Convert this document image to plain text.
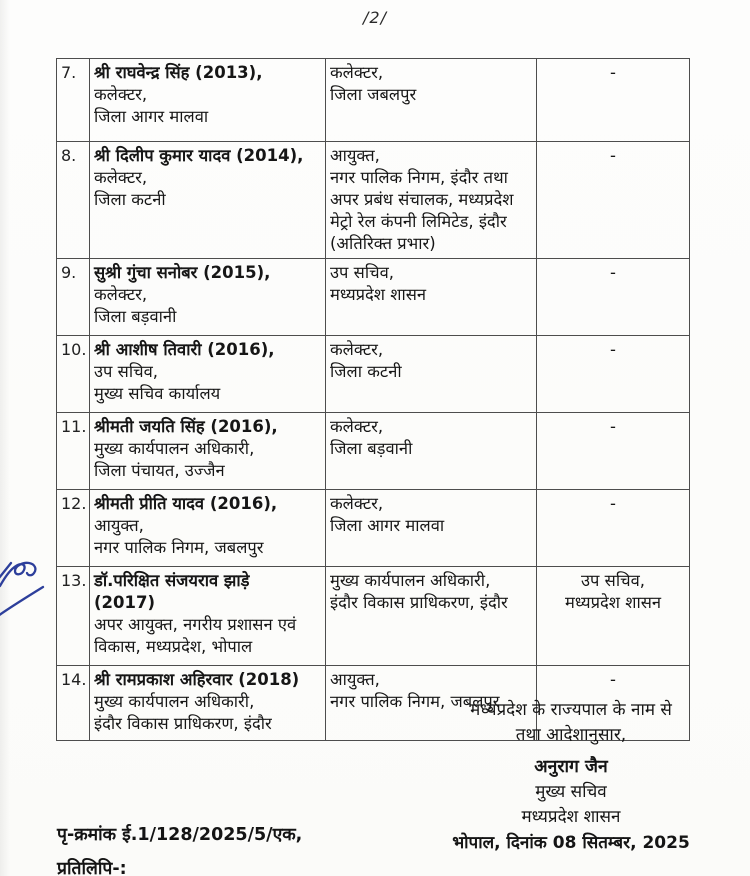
/2/
7.	श्री राघवेन्द्र सिंह (2013),
कलेक्टर,
जिला आगर मालवा

कलेक्टर,
जिला जबलपुर

-

8.	श्री दिलीप कुमार यादव (2014),
कलेक्टर,
जिला कटनी

आयुक्त,
नगर पालिक निगम, इंदौर तथा
अपर प्रबंध संचालक, मध्यप्रदेश
मेट्रो रेल कंपनी लिमिटेड, इंदौर
(अतिरिक्त प्रभार)

-

9.	सुश्री गुंचा सनोबर (2015),
कलेक्टर,
जिला बड़वानी

उप सचिव,
मध्यप्रदेश शासन

-

10.	श्री आशीष तिवारी (2016),
उप सचिव,
मुख्य सचिव कार्यालय

कलेक्टर,
जिला कटनी

-

11.	श्रीमती जयति सिंह (2016),
मुख्य कार्यपालन अधिकारी,
जिला पंचायत, उज्जैन

कलेक्टर,
जिला बड़वानी

-

12.	श्रीमती प्रीति यादव (2016),
आयुक्त,
नगर पालिक निगम, जबलपुर

कलेक्टर,
जिला आगर मालवा

-

13.	डॉ.परिक्षित संजयराव झाड़े
(2017)
अपर आयुक्त, नगरीय प्रशासन एवं
विकास, मध्यप्रदेश, भोपाल

मुख्य कार्यपालन अधिकारी,
इंदौर विकास प्राधिकरण, इंदौर

उप सचिव,
मध्यप्रदेश शासन

14.	श्री रामप्रकाश अहिरवार (2018)
मुख्य कार्यपालन अधिकारी,
इंदौर विकास प्राधिकरण, इंदौर

आयुक्त,
नगर पालिक निगम, जबलपुर

-
मध्यप्रदेश के राज्यपाल के नाम से
तथा आदेशानुसार,
अनुराग जैन
मुख्य सचिव
मध्यप्रदेश शासन
भोपाल, दिनांक 08 सितम्बर, 2025
पृ-क्रमांक ई.1/128/2025/5/एक,
प्रतिलिपि-:
